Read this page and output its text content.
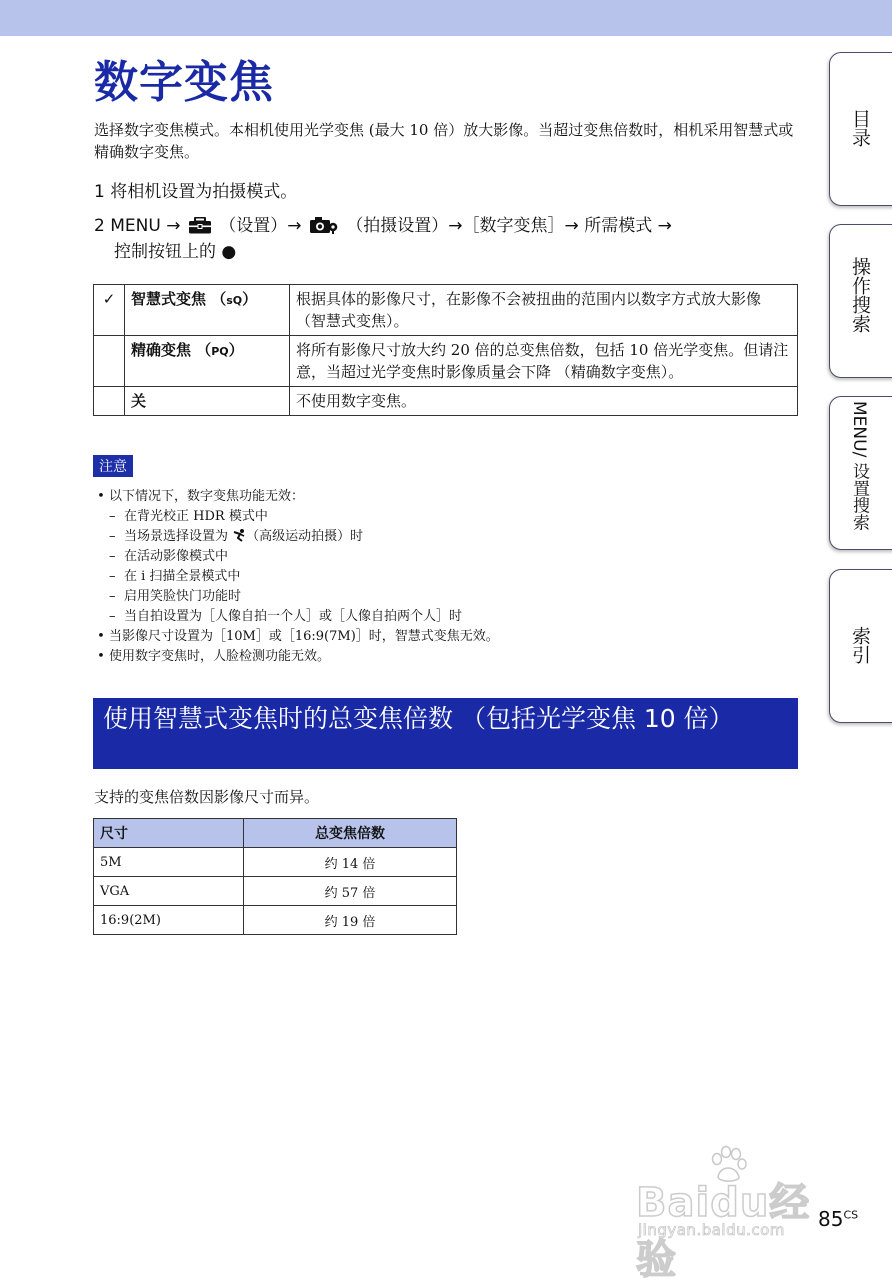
数字变焦

选择数字变焦模式。本相机使用光学变焦 (最大 10 倍）放大影像。当超过变焦倍数时，相机采用智慧式或精确数字变焦。

1 将相机设置为拍摄模式。
2 MENU → （设置）→	（拍摄设置）→［数字变焦］→ 所需模式 →
控制按钮上的 ●
✓	智慧式变焦 （sQ）	根据具体的影像尺寸，在影像不会被扭曲的范围内以数字方式放大影像 （智慧式变焦）。
	精确变焦 （PQ）	将所有影像尺寸放大约 20 倍的总变焦倍数，包括 10 倍光学变焦。但请注意，当超过光学变焦时影像质量会下降 （精确数字变焦）。
	关	不使用数字变焦。
注意
• 以下情况下，数字变焦功能无效：
– 在背光校正 HDR 模式中
– 当场景选择设置为 （高级运动拍摄）时
– 在活动影像模式中
– 在 i 扫描全景模式中
– 启用笑脸快门功能时
– 当自拍设置为［人像自拍一个人］或［人像自拍两个人］时
• 当影像尺寸设置为［10M］或［16:9(7M)］时，智慧式变焦无效。
• 使用数字变焦时，人脸检测功能无效。
使用智慧式变焦时的总变焦倍数 （包括光学变焦 10 倍）
支持的变焦倍数因影像尺寸而异。
尺寸	总变焦倍数
5M	约 14 倍
VGA	约 57 倍
16:9(2M)	约 19 倍
目录
操作搜索
MENU/ 设置搜索
索引
Baidu经验
jingyan.baidu.com $85^{CS}$
